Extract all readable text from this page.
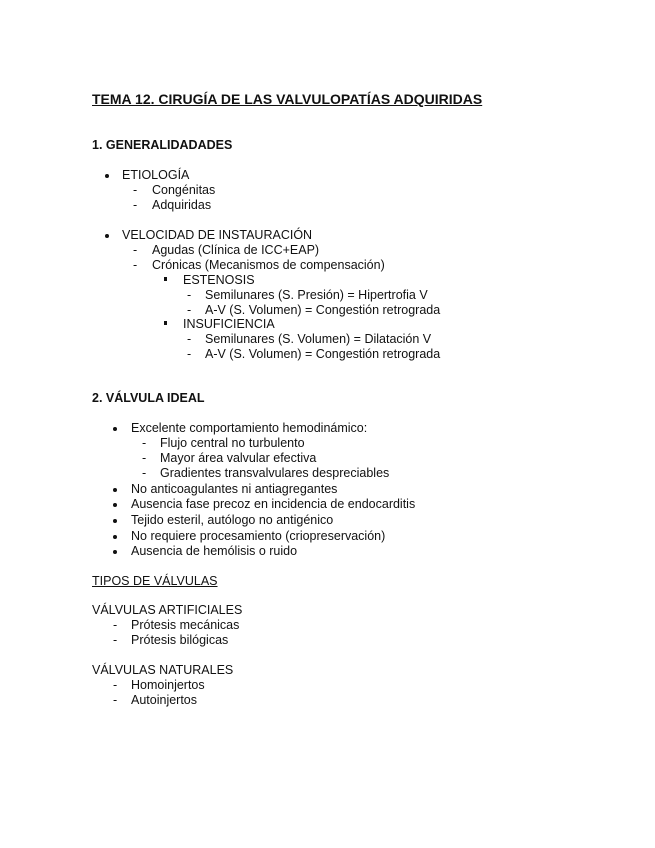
TEMA 12. CIRUGÍA DE LAS VALVULOPATÍAS ADQUIRIDAS
1. GENERALIDADADES
ETIOLOGÍA
- Congénitas
- Adquiridas
VELOCIDAD DE INSTAURACIÓN
- Agudas (Clínica de ICC+EAP)
- Crónicas (Mecanismos de compensación)
ESTENOSIS
- Semilunares (S. Presión) = Hipertrofia V
- A-V (S. Volumen) = Congestión retrograda
INSUFICIENCIA
- Semilunares (S. Volumen) = Dilatación V
- A-V (S. Volumen) = Congestión retrograda
2. VÁLVULA IDEAL
Excelente comportamiento hemodinámico:
- Flujo central no turbulento
- Mayor área valvular efectiva
- Gradientes transvalvulares despreciables
No anticoagulantes ni antiagregantes
Ausencia fase precoz en incidencia de endocarditis
Tejido esteril, autólogo no antigénico
No requiere procesamiento (criopreservación)
Ausencia de hemólisis o ruido
TIPOS DE VÁLVULAS
VÁLVULAS ARTIFICIALES
- Prótesis mecánicas
- Prótesis bilógicas
VÁLVULAS NATURALES
- Homoinjertos
- Autoinjertos
